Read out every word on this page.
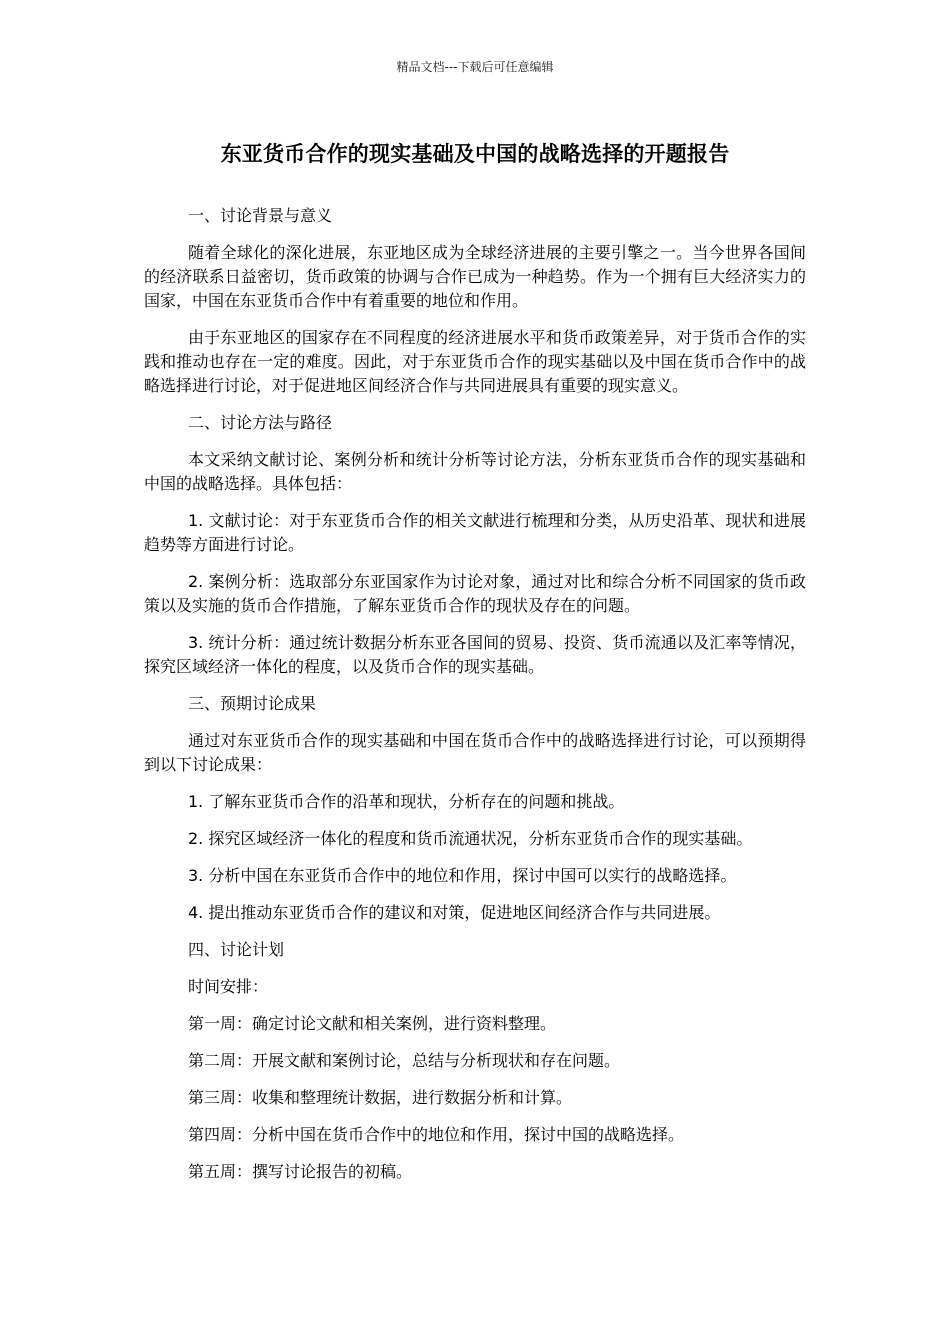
精品文档---下载后可任意编辑
东亚货币合作的现实基础及中国的战略选择的开题报告

一、讨论背景与意义

随着全球化的深化进展，东亚地区成为全球经济进展的主要引擎之一。当今世界各国间的经济联系日益密切，货币政策的协调与合作已成为一种趋势。作为一个拥有巨大经济实力的国家，中国在东亚货币合作中有着重要的地位和作用。

由于东亚地区的国家存在不同程度的经济进展水平和货币政策差异，对于货币合作的实践和推动也存在一定的难度。因此，对于东亚货币合作的现实基础以及中国在货币合作中的战略选择进行讨论，对于促进地区间经济合作与共同进展具有重要的现实意义。

二、讨论方法与路径

本文采纳文献讨论、案例分析和统计分析等讨论方法，分析东亚货币合作的现实基础和中国的战略选择。具体包括：

1. 文献讨论：对于东亚货币合作的相关文献进行梳理和分类，从历史沿革、现状和进展趋势等方面进行讨论。

2. 案例分析：选取部分东亚国家作为讨论对象，通过对比和综合分析不同国家的货币政策以及实施的货币合作措施，了解东亚货币合作的现状及存在的问题。

3. 统计分析：通过统计数据分析东亚各国间的贸易、投资、货币流通以及汇率等情况，探究区域经济一体化的程度，以及货币合作的现实基础。

三、预期讨论成果

通过对东亚货币合作的现实基础和中国在货币合作中的战略选择进行讨论，可以预期得到以下讨论成果：

1. 了解东亚货币合作的沿革和现状，分析存在的问题和挑战。

2. 探究区域经济一体化的程度和货币流通状况，分析东亚货币合作的现实基础。

3. 分析中国在东亚货币合作中的地位和作用，探讨中国可以实行的战略选择。

4. 提出推动东亚货币合作的建议和对策，促进地区间经济合作与共同进展。

四、讨论计划

时间安排：

第一周：确定讨论文献和相关案例，进行资料整理。

第二周：开展文献和案例讨论，总结与分析现状和存在问题。

第三周：收集和整理统计数据，进行数据分析和计算。

第四周：分析中国在货币合作中的地位和作用，探讨中国的战略选择。

第五周：撰写讨论报告的初稿。
